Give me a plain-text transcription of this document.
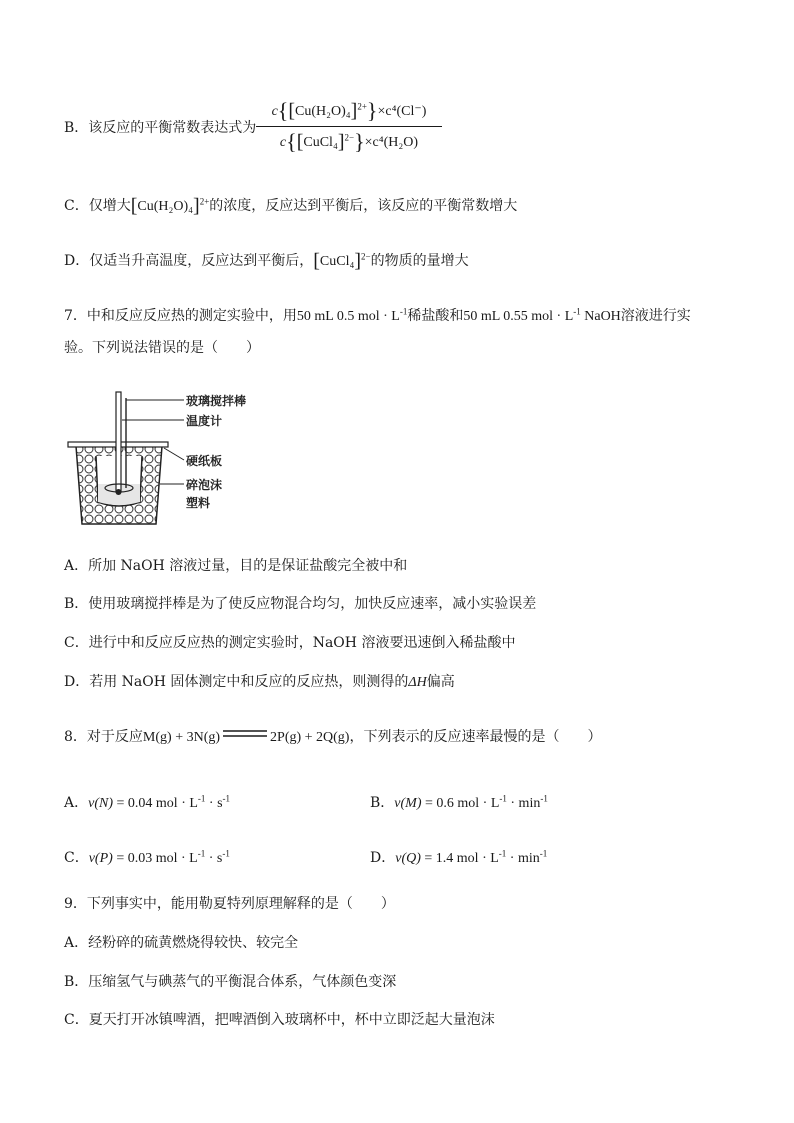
B．该反应的平衡常数表达式为
$c\{[Cu(H_2O)_4]^{2+}\}\times c^4(Cl^-)$
c{[CuCl₄]$^{2-}$}×c⁴(H₂O)
C．仅增大$[Cu(H_2O)_4]^{2+}$的浓度，反应达到平衡后，该反应的平衡常数增大
D．仅适当升高温度，反应达到平衡后，[CuCl₄]$^{2-}$的物质的量增大
7．中和反应反应热的测定实验中，用50 mL 0.5 mol · $L^{-1}$稀盐酸和50 mL 0.55 mol · $L^{-1}$ NaOH溶液进行实
验。下列说法错误的是（　　）
玻璃搅拌棒
温度计
硬纸板
碎泡沫
塑料
A．所加 NaOH 溶液过量，目的是保证盐酸完全被中和
B．使用玻璃搅拌棒是为了使反应物混合均匀，加快反应速率，减小实验误差
C．进行中和反应反应热的测定实验时，NaOH 溶液要迅速倒入稀盐酸中
D．若用 NaOH 固体测定中和反应的反应热，则测得的ΔH偏高
8．对于反应M(g) + 3N(g)	2P(g) + 2Q(g)，下列表示的反应速率最慢的是（　　）
A．v(N) = 0.04 mol · $L^{-1} \cdot s^{-1}$	B．v(M) = 0.6 mol · $L^{-1} \cdot \min^{-1}$
C．v(P) = 0.03 mol · $L^{-1} \cdot s^{-1}$	D．v(Q) = 1.4 mol · $L^{-1} \cdot \min^{-1}$
9．下列事实中，能用勒夏特列原理解释的是（　　）
A．经粉碎的硫黄燃烧得较快、较完全
B．压缩氢气与碘蒸气的平衡混合体系，气体颜色变深
C．夏天打开冰镇啤酒，把啤酒倒入玻璃杯中，杯中立即泛起大量泡沫
